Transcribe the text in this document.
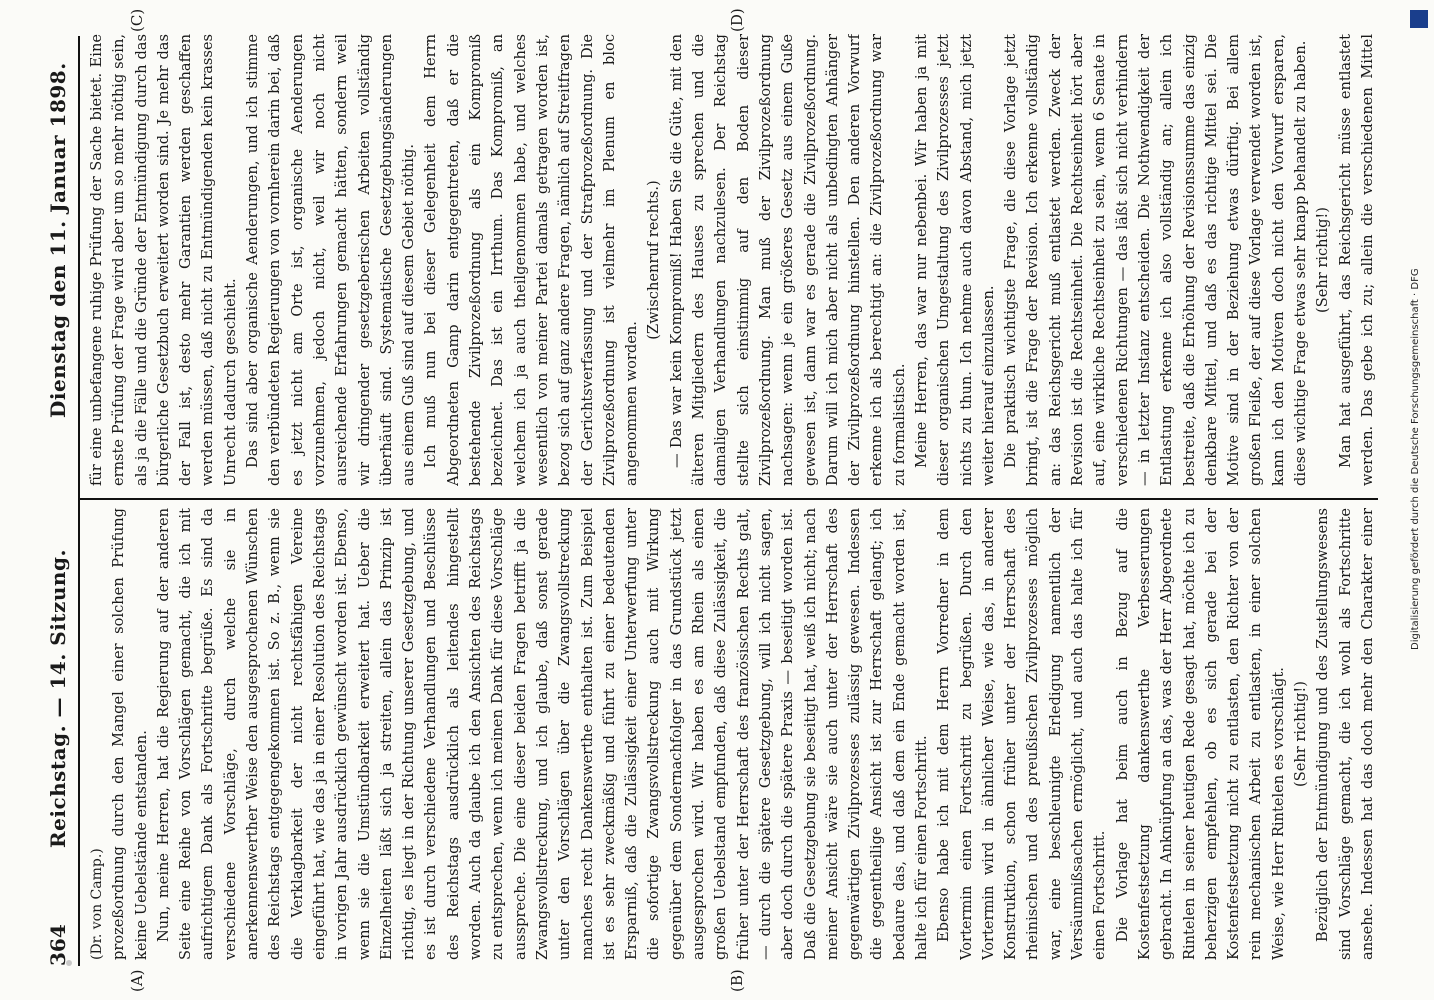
Digitalisierung gefördert durch die Deutsche Forschungsgemeinschaft · DFG
364
Reichstag. — 14. Sitzung.
Dienstag den 11. Januar 1898.
(A)	(B)
(C)	(D)

(Dr. von Camp.) prozeßordnung durch den Mangel einer solchen Prüfung keine Uebelstände entstanden. Nun, meine Herren, hat die Regierung auf der anderen Seite eine Reihe von Vorschlägen gemacht, die ich mit aufrichtigem Dank als Fortschritte begrüße. Es sind da verschiedene Vorschläge, durch welche sie in anerkennenswerther Weise den ausgesprochenen Wünschen des Reichstags entgegengekommen ist. So z. B., wenn sie die Verklagbarkeit der nicht rechtsfähigen Vereine eingeführt hat, wie das ja in einer Resolution des Reichstags in vorigen Jahr ausdrücklich gewünscht worden ist. Ebenso, wenn sie die Umstündbarkeit erweitert hat. Ueber die Einzelheiten läßt sich ja streiten, allein das Prinzip ist richtig, es liegt in der Richtung unserer Gesetzgebung, und es ist durch verschiedene Verhandlungen und Beschlüsse des Reichstags ausdrücklich als leitendes hingestellt worden. Auch da glaube ich den Ansichten des Reichstags zu entsprechen, wenn ich meinen Dank für diese Vorschläge ausspreche. Die eine dieser beiden Fragen betrifft ja die Zwangsvollstreckung, und ich glaube, daß sonst gerade unter den Vorschlägen über die Zwangsvollstreckung manches recht Dankenswerthe enthalten ist. Zum Beispiel ist es sehr zweckmäßig und führt zu einer bedeutenden Ersparniß, daß die Zulässigkeit einer Unterwerfung unter die sofortige Zwangsvollstreckung auch mit Wirkung gegenüber dem Sondernachfolger in das Grundstück jetzt ausgesprochen wird. Wir haben es am Rhein als einen großen Uebelstand empfunden, daß diese Zulässigkeit, die früher unter der Herrschaft des französischen Rechts galt, — durch die spätere Gesetzgebung, will ich nicht sagen, aber doch durch die spätere Praxis — beseitigt worden ist. Daß die Gesetzgebung sie beseitigt hat, weiß ich nicht; nach meiner Ansicht wäre sie auch unter der Herrschaft des gegenwärtigen Zivilprozesses zulässig gewesen. Indessen die gegentheilige Ansicht ist zur Herrschaft gelangt; ich bedaure das, und daß dem ein Ende gemacht worden ist, halte ich für einen Fortschritt. Ebenso habe ich mit dem Herrn Vorredner in dem Vortermin einen Fortschritt zu begrüßen. Durch den Vortermin wird in ähnlicher Weise, wie das, in anderer Konstruktion, schon früher unter der Herrschaft des rheinischen und des preußischen Zivilprozesses möglich war, eine beschleunigte Erledigung namentlich der Versäumnißsachen ermöglicht, und auch das halte ich für einen Fortschritt. Die Vorlage hat beim auch in Bezug auf die Kostenfestsetzung dankenswerthe Verbesserungen gebracht. In Anknüpfung an das, was der Herr Abgeordnete Rintelen in seiner heutigen Rede gesagt hat, möchte ich zu beherzigen empfehlen, ob es sich gerade bei der Kostenfestsetzung nicht zu entlasten, den Richter von der rein mechanischen Arbeit zu entlasten, in einer solchen Weise, wie Herr Rintelen es vorschlägt. (Sehr richtig!)

Bezüglich der Entmündigung und des Zustellungswesens sind Vorschläge gemacht, die ich wohl als Fortschritte ansehe. Indessen hat das doch mehr den Charakter einer

für eine unbefangene ruhige Prüfung der Sache bietet. Eine ernste Prüfung der Frage wird aber um so mehr nöthig sein, als ja die Fälle und die Gründe der Entmündigung durch das bürgerliche Gesetzbuch erweitert worden sind. Je mehr das der Fall ist, desto mehr Garantien werden geschaffen werden müssen, daß nicht zu Entmündigenden kein krasses Unrecht dadurch geschieht. Das sind aber organische Aenderungen, und ich stimme den verbündeten Regierungen von vornherein darin bei, daß es jetzt nicht am Orte ist, organische Aenderungen vorzunehmen, jedoch nicht, weil wir noch nicht ausreichende Erfahrungen gemacht hätten, sondern weil wir dringender gesetzgeberischen Arbeiten vollständig überhäuft sind. Systematische Gesetzgebungsänderungen aus einem Guß sind auf diesem Gebiet nöthig. Ich muß nun bei dieser Gelegenheit dem Herrn Abgeordneten Gamp darin entgegentreten, daß er die bestehende Zivilprozeßordnung als ein Kompromiß bezeichnet. Das ist ein Irrthum. Das Kompromiß, an welchem ich ja auch theilgenommen habe, und welches wesentlich von meiner Partei damals getragen worden ist, bezog sich auf ganz andere Fragen, nämlich auf Streitfragen der Gerichtsverfassung und der Strafprozeßordnung. Die Zivilprozeßordnung ist vielmehr im Plenum en bloc angenommen worden.

(Zwischenruf rechts.) — Das war kein Kompromiß! Haben Sie die Güte, mit den älteren Mitgliedern des Hauses zu sprechen und die damaligen Verhandlungen nachzulesen. Der Reichstag stellte sich einstimmig auf den Boden dieser Zivilprozeßordnung. Man muß der Zivilprozeßordnung nachsagen: wenn je ein größeres Gesetz aus einem Guße gewesen ist, dann war es gerade die Zivilprozeßordnung. Darum will ich mich aber nicht als unbedingten Anhänger der Zivilprozeßordnung hinstellen. Den anderen Vorwurf erkenne ich als berechtigt an: die Zivilprozeßordnung war zu formalistisch. Meine Herren, das war nur nebenbei. Wir haben ja mit dieser organischen Umgestaltung des Zivilprozesses jetzt nichts zu thun. Ich nehme auch davon Abstand, mich jetzt weiter hierauf einzulassen. Die praktisch wichtigste Frage, die diese Vorlage jetzt bringt, ist die Frage der Revision. Ich erkenne vollständig an: das Reichsgericht muß entlastet werden. Zweck der Revision ist die Rechtseinheit. Die Rechtseinheit hört aber auf, eine wirkliche Rechtseinheit zu sein, wenn 6 Senate in verschiedenen Richtungen — das läßt sich nicht verhindern — in letzter Instanz entscheiden. Die Nothwendigkeit der Entlastung erkenne ich also vollständig an; allein ich bestreite, daß die Erhöhung der Revisionssumme das einzig denkbare Mittel, und daß es das richtige Mittel sei. Die Motive sind in der Beziehung etwas dürftig. Bei allem großen Fleiße, der auf diese Vorlage verwendet worden ist, kann ich den Motiven doch nicht den Vorwurf ersparen, diese wichtige Frage etwas sehr knapp behandelt zu haben. (Sehr richtig!)

Man hat ausgeführt, das Reichsgericht müsse entlastet werden. Das gebe ich zu; allein die verschiedenen Mittel
